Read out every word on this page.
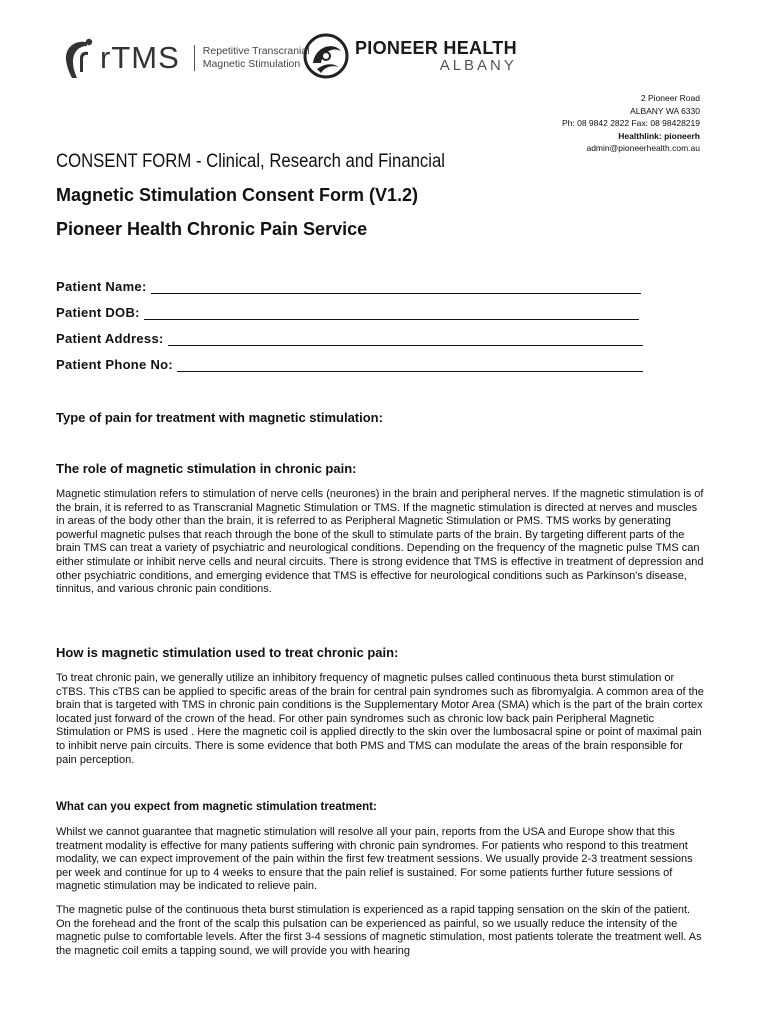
rTMS Repetitive Transcranial
Magnetic Stimulation
PIONEER HEALTH
ALBANY
2 Pioneer Road
ALBANY WA 6330
Ph: 08 9842 2822 Fax: 08 98428219
Healthlink: pioneerh
admin@pioneerhealth.com.au
CONSENT FORM - Clinical, Research and Financial
Magnetic Stimulation Consent Form (V1.2)
Pioneer Health Chronic Pain Service
Patient Name:
Patient DOB:
Patient Address:
Patient Phone No:
Type of pain for treatment with magnetic stimulation:
The role of magnetic stimulation in chronic pain:
Magnetic stimulation refers to stimulation of nerve cells (neurones) in the brain and peripheral nerves. If the magnetic stimulation is of the brain, it is referred to as Transcranial Magnetic Stimulation or TMS. If the magnetic stimulation is directed at nerves and muscles in areas of the body other than the brain, it is referred to as Peripheral Magnetic Stimulation or PMS. TMS works by generating powerful magnetic pulses that reach through the bone of the skull to stimulate parts of the brain. By targeting different parts of the brain TMS can treat a variety of psychiatric and neurological conditions. Depending on the frequency of the magnetic pulse TMS can either stimulate or inhibit nerve cells and neural circuits. There is strong evidence that TMS is effective in treatment of depression and other psychiatric conditions, and emerging evidence that TMS is effective for neurological conditions such as Parkinson's disease, tinnitus, and various chronic pain conditions.
How is magnetic stimulation used to treat chronic pain:
To treat chronic pain, we generally utilize an inhibitory frequency of magnetic pulses called continuous theta burst stimulation or cTBS. This cTBS can be applied to specific areas of the brain for central pain syndromes such as fibromyalgia. A common area of the brain that is targeted with TMS in chronic pain conditions is the Supplementary Motor Area (SMA) which is the part of the brain cortex located just forward of the crown of the head. For other pain syndromes such as chronic low back pain Peripheral Magnetic Stimulation or PMS is used . Here the magnetic coil is applied directly to the skin over the lumbosacral spine or point of maximal pain to inhibit nerve pain circuits. There is some evidence that both PMS and TMS can modulate the areas of the brain responsible for pain perception.
What can you expect from magnetic stimulation treatment:
Whilst we cannot guarantee that magnetic stimulation will resolve all your pain, reports from the USA and Europe show that this treatment modality is effective for many patients suffering with chronic pain syndromes. For patients who respond to this treatment modality, we can expect improvement of the pain within the first few treatment sessions. We usually provide 2-3 treatment sessions per week and continue for up to 4 weeks to ensure that the pain relief is sustained. For some patients further future sessions of magnetic stimulation may be indicated to relieve pain.
The magnetic pulse of the continuous theta burst stimulation is experienced as a rapid tapping sensation on the skin of the patient. On the forehead and the front of the scalp this pulsation can be experienced as painful, so we usually reduce the intensity of the magnetic pulse to comfortable levels. After the first 3-4 sessions of magnetic stimulation, most patients tolerate the treatment well. As the magnetic coil emits a tapping sound, we will provide you with hearing
